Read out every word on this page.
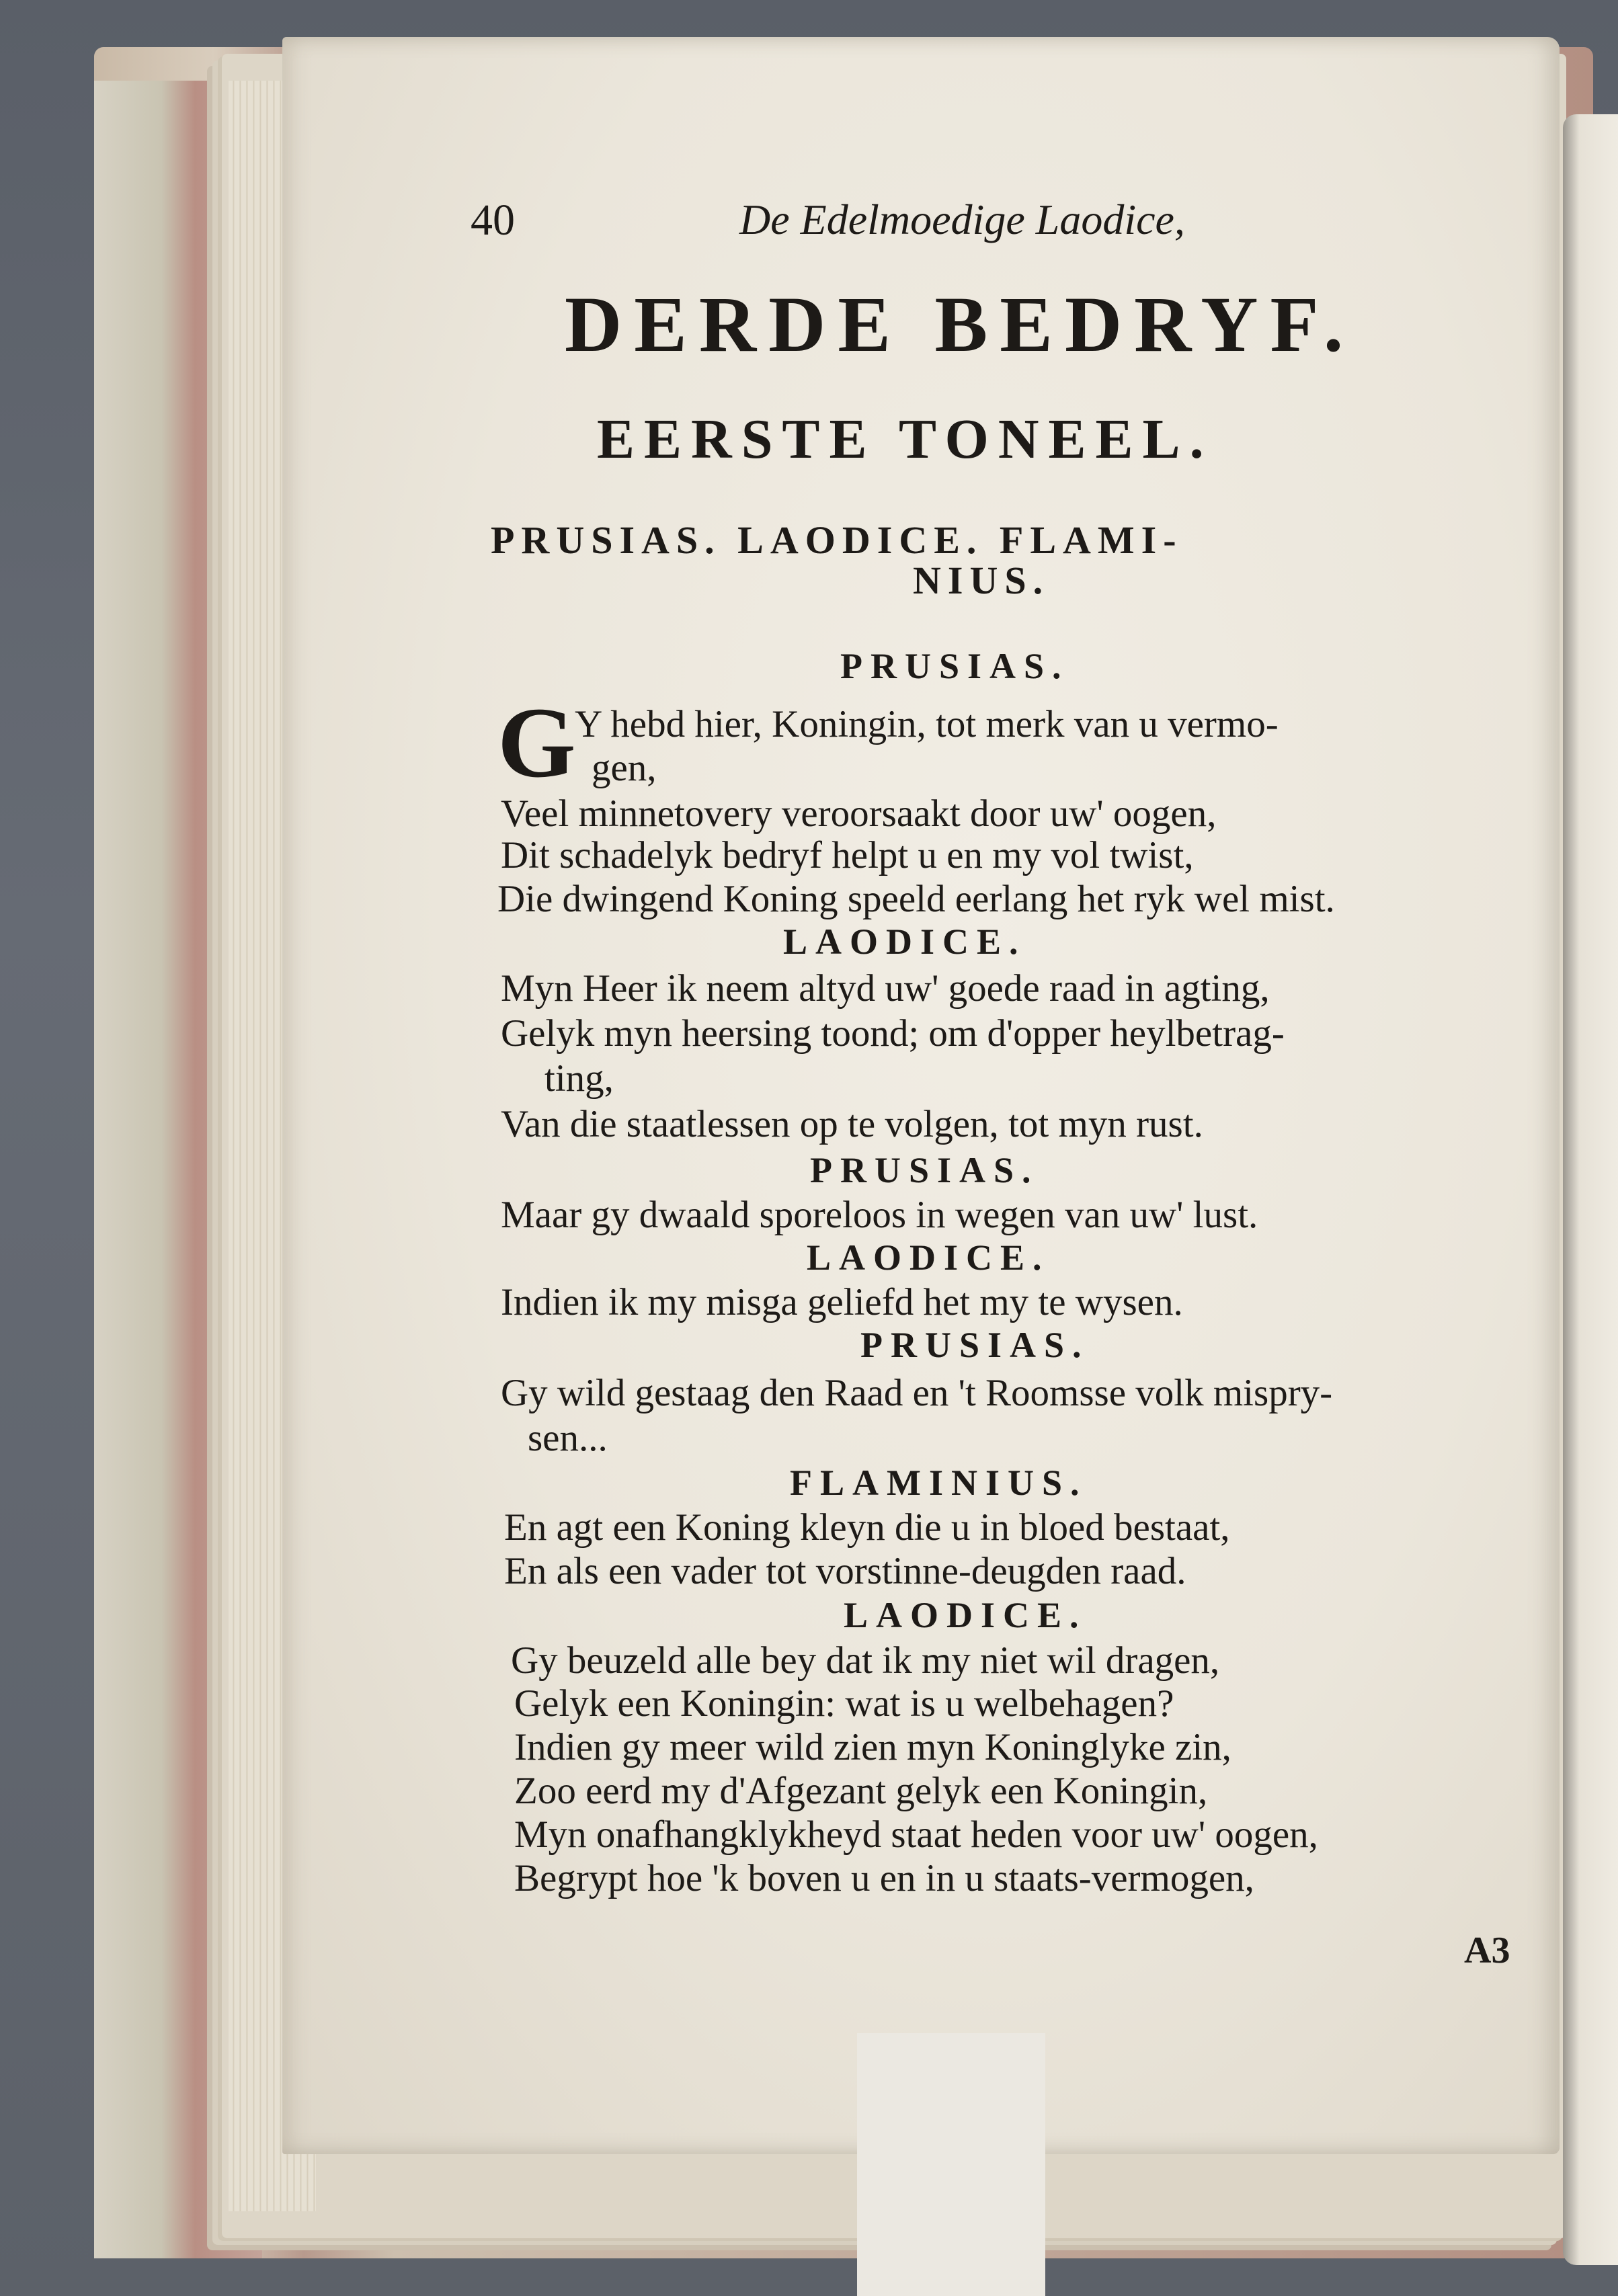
40	De Edelmoedige Laodice,
DERDE BEDRYF.
EERSTE TONEEL.
PRUSIAS. LAODICE. FLAMI-
NIUS.
PRUSIAS.
G
Y hebd hier, Koningin, tot merk van u vermo-
gen,
Veel minnetovery veroorsaakt door uw' oogen,
Dit schadelyk bedryf helpt u en my vol twist,
Die dwingend Koning speeld eerlang het ryk wel mist.
LAODICE.
Myn Heer ik neem altyd uw' goede raad in agting,
Gelyk myn heersing toond; om d'opper heylbetrag-
ting,
Van die staatlessen op te volgen, tot myn rust.
PRUSIAS.
Maar gy dwaald sporeloos in wegen van uw' lust.
LAODICE.
Indien ik my misga geliefd het my te wysen.
PRUSIAS.
Gy wild gestaag den Raad en 't Roomsse volk mispry-
sen...
FLAMINIUS.
En agt een Koning kleyn die u in bloed bestaat,
En als een vader tot vorstinne-deugden raad.
LAODICE.
Gy beuzeld alle bey dat ik my niet wil dragen,
Gelyk een Koningin: wat is u welbehagen?
Indien gy meer wild zien myn Koninglyke zin,
Zoo eerd my d'Afgezant gelyk een Koningin,
Myn onafhangklykheyd staat heden voor uw' oogen,
Begrypt hoe 'k boven u en in u staats-vermogen,
A3
